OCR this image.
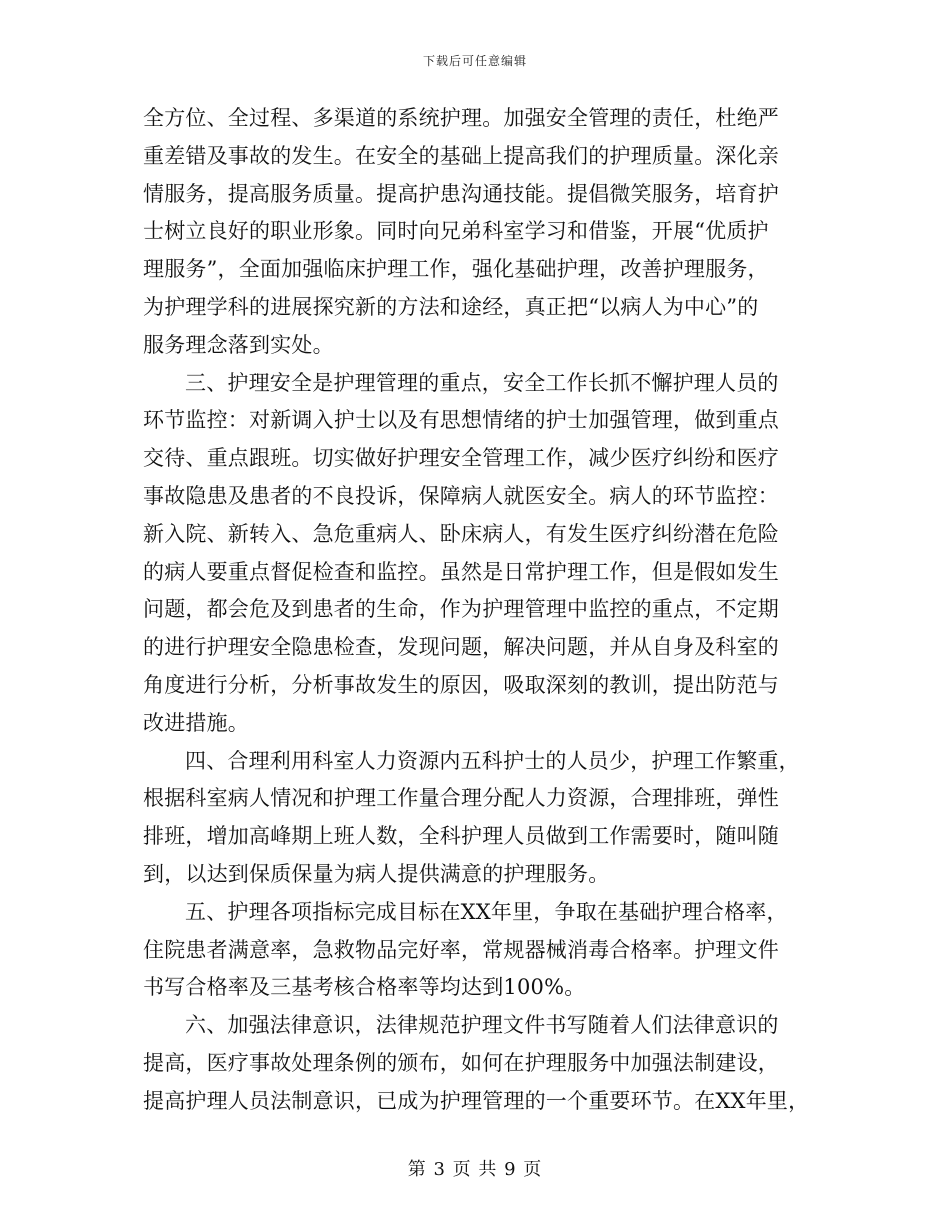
下载后可任意编辑
全方位、全过程、多渠道的系统护理。加强安全管理的责任，杜绝严
重差错及事故的发生。在安全的基础上提高我们的护理质量。深化亲
情服务，提高服务质量。提高护患沟通技能。提倡微笑服务，培育护
士树立良好的职业形象。同时向兄弟科室学习和借鉴，开展“优质护
理服务”，全面加强临床护理工作，强化基础护理，改善护理服务，
为护理学科的进展探究新的方法和途经，真正把“以病人为中心”的
服务理念落到实处。
三、护理安全是护理管理的重点，安全工作长抓不懈护理人员的
环节监控：对新调入护士以及有思想情绪的护士加强管理，做到重点
交待、重点跟班。切实做好护理安全管理工作，减少医疗纠纷和医疗
事故隐患及患者的不良投诉，保障病人就医安全。病人的环节监控：
新入院、新转入、急危重病人、卧床病人，有发生医疗纠纷潜在危险
的病人要重点督促检查和监控。虽然是日常护理工作，但是假如发生
问题，都会危及到患者的生命，作为护理管理中监控的重点，不定期
的进行护理安全隐患检查，发现问题，解决问题，并从自身及科室的
角度进行分析，分析事故发生的原因，吸取深刻的教训，提出防范与
改进措施。
四、合理利用科室人力资源内五科护士的人员少，护理工作繁重，
根据科室病人情况和护理工作量合理分配人力资源，合理排班，弹性
排班，增加高峰期上班人数，全科护理人员做到工作需要时，随叫随
到，以达到保质保量为病人提供满意的护理服务。
五、护理各项指标完成目标在XX年里，争取在基础护理合格率，
住院患者满意率，急救物品完好率，常规器械消毒合格率。护理文件
书写合格率及三基考核合格率等均达到100%。
六、加强法律意识，法律规范护理文件书写随着人们法律意识的
提高，医疗事故处理条例的颁布，如何在护理服务中加强法制建设，
提高护理人员法制意识，已成为护理管理的一个重要环节。在XX年里，
第 3 页 共 9 页
